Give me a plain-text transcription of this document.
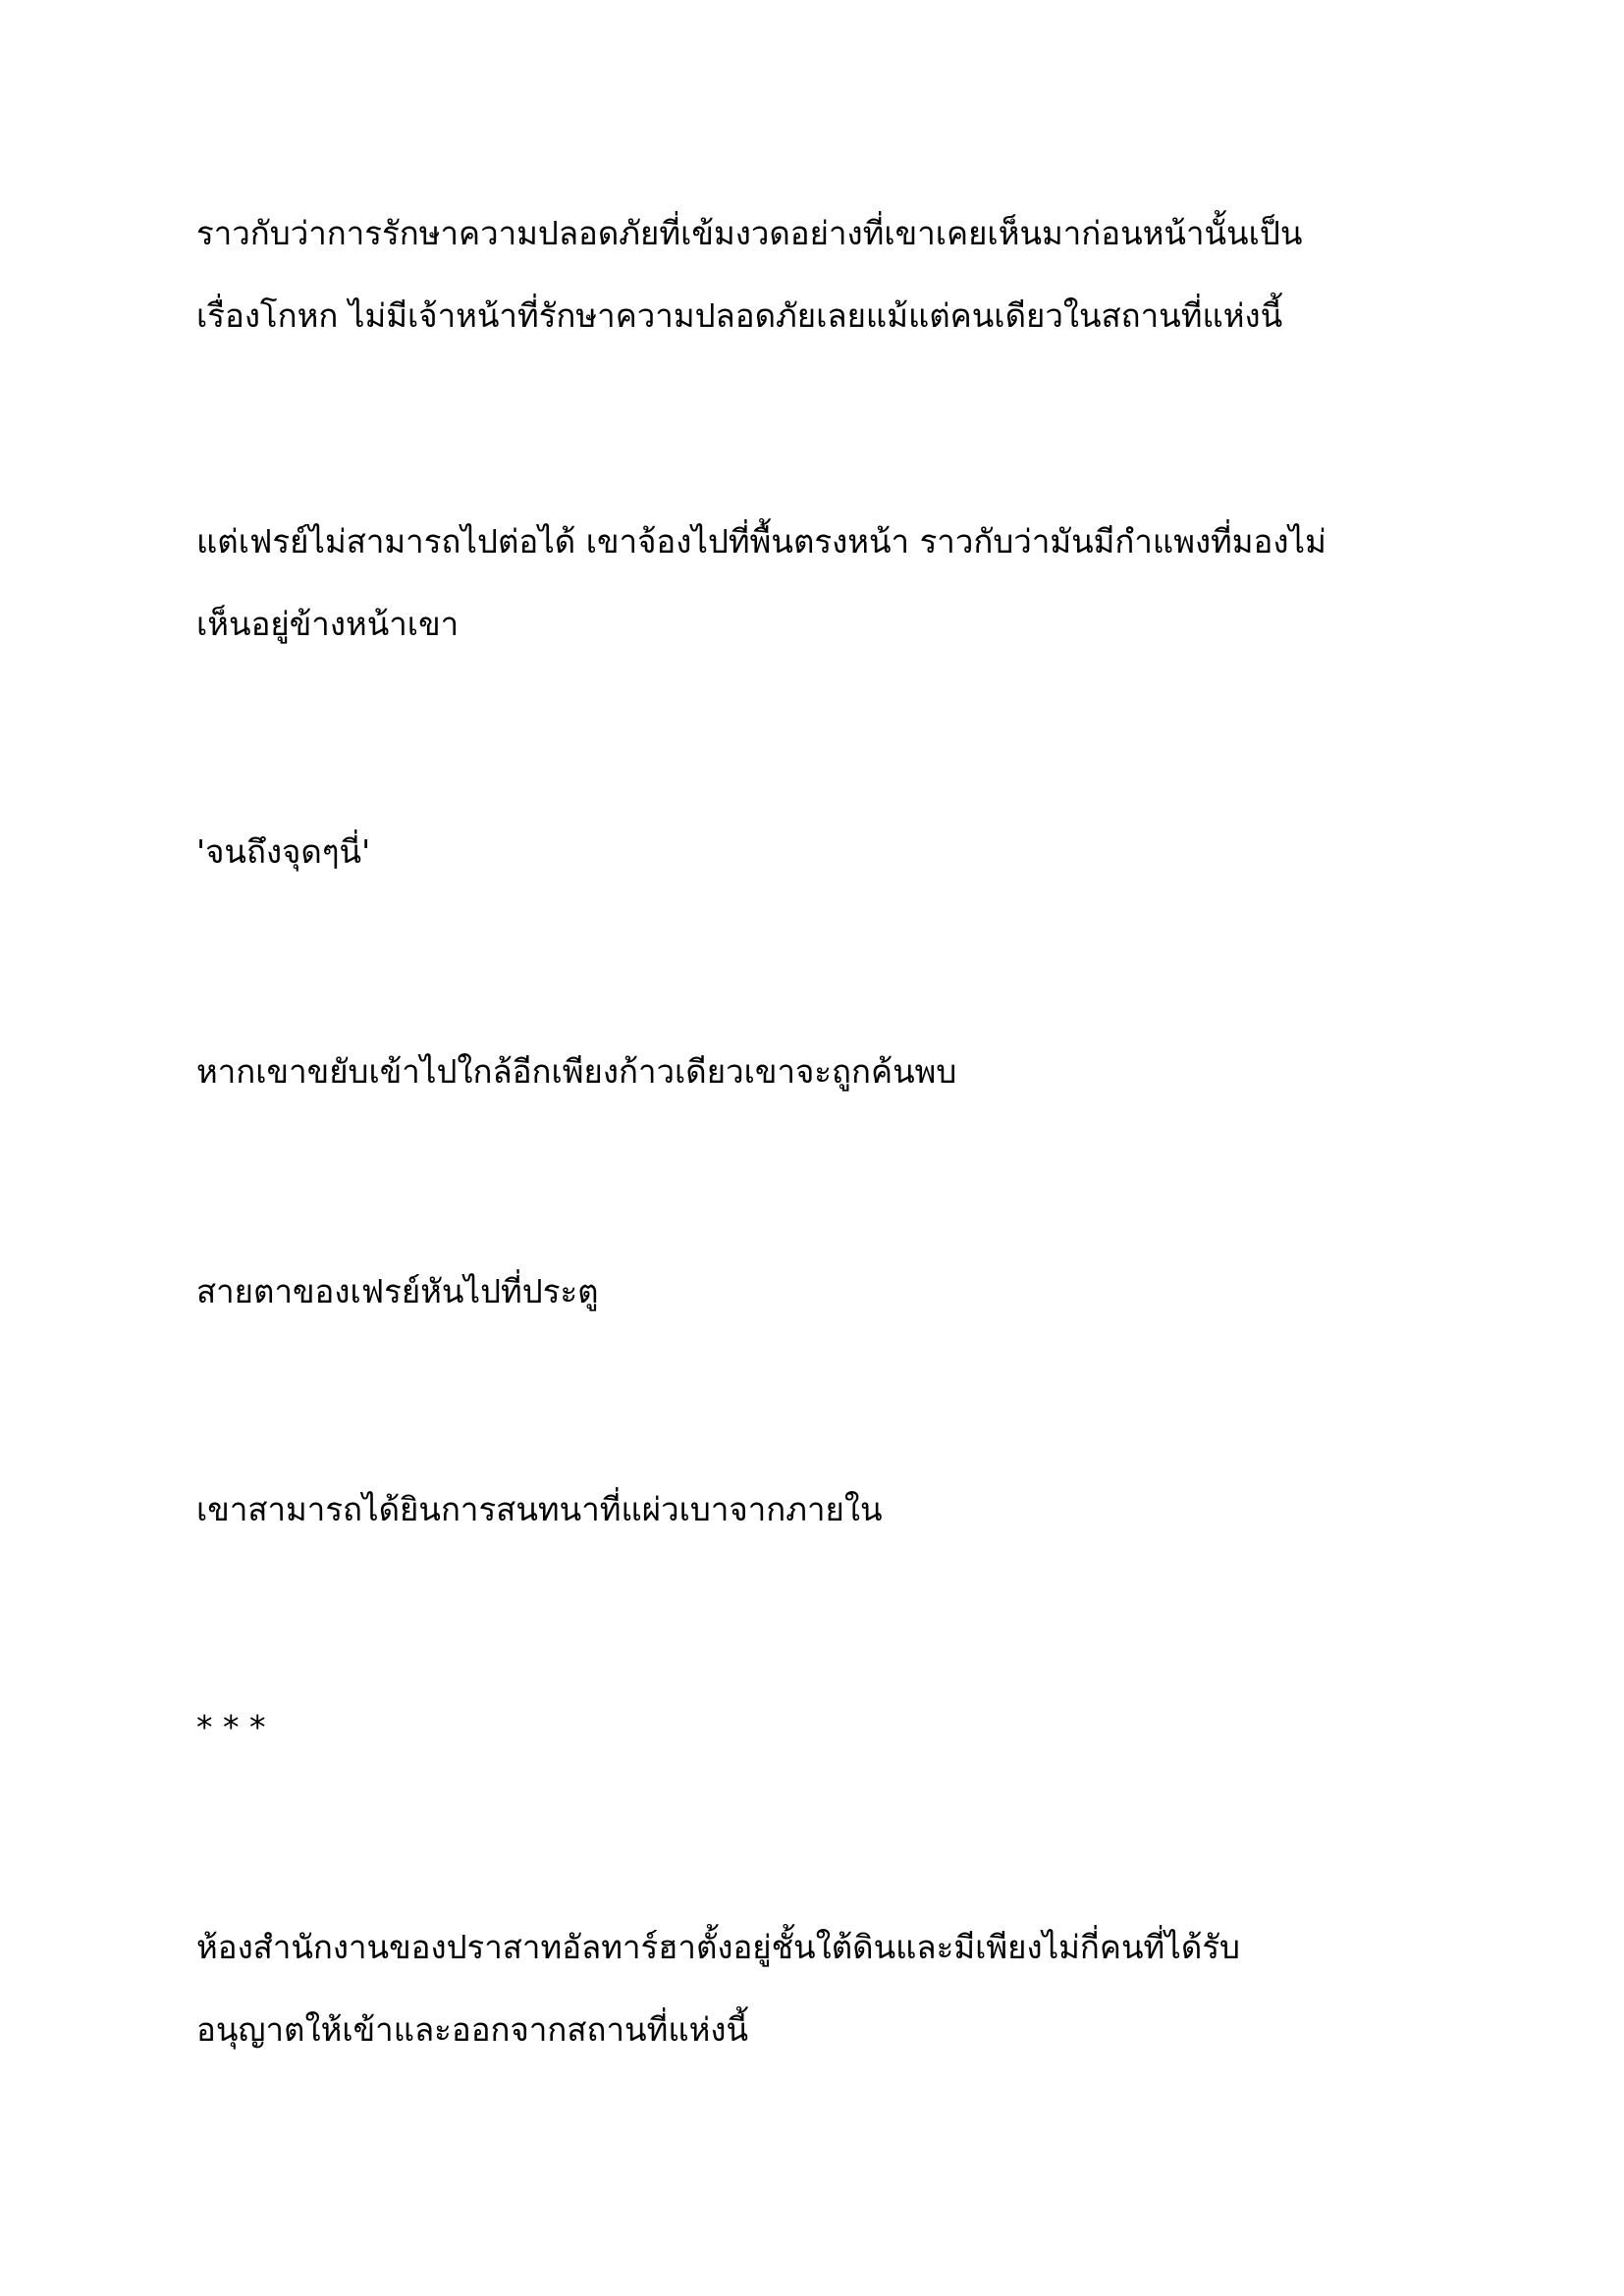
ราวกับว่าการรักษาความปลอดภัยที่เข้มงวดอย่างที่เขาเคยเห็นมาก่อนหน้านั้นเป็น
เรื่องโกหก ไม่มีเจ้าหน้าที่รักษาความปลอดภัยเลยแม้แต่คนเดียวในสถานที่แห่งนี้
แต่เฟรย์ไม่สามารถไปต่อได้ เขาจ้องไปที่พื้นตรงหน้า ราวกับว่ามันมีกำแพงที่มองไม่
เห็นอยู่ข้างหน้าเขา
'จนถึงจุดๆนี่'
หากเขาขยับเข้าไปใกล้อีกเพียงก้าวเดียวเขาจะถูกค้นพบ
สายตาของเฟรย์หันไปที่ประตู
เขาสามารถได้ยินการสนทนาที่แผ่วเบาจากภายใน
* * *
ห้องสำนักงานของปราสาทอัลทาร์ฮาตั้งอยู่ชั้นใต้ดินและมีเพียงไม่กี่คนที่ได้รับ
อนุญาตให้เข้าและออกจากสถานที่แห่งนี้
